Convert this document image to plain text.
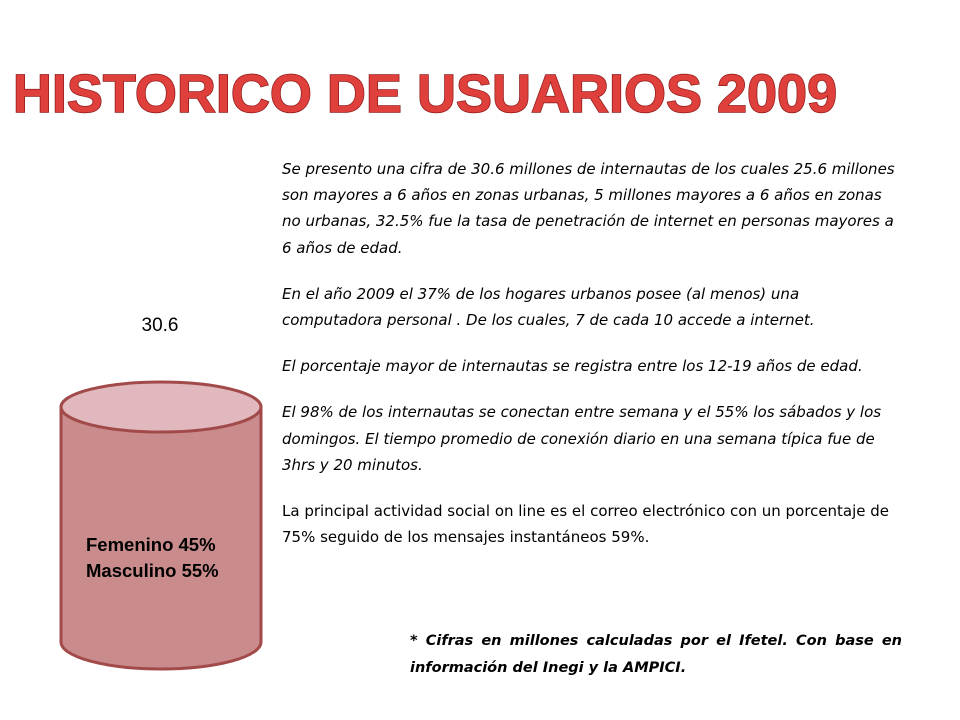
HISTORICO DE USUARIOS 2009
30.6
Femenino 45%
Masculino 55%

Se presento una cifra de 30.6 millones de internautas de los cuales 25.6 millones son mayores a 6 años en zonas urbanas, 5 millones mayores a 6 años en zonas no urbanas, 32.5% fue la tasa de penetración de internet en personas mayores a 6 años de edad.

En el año 2009 el 37% de los hogares urbanos posee (al menos) una computadora personal . De los cuales, 7 de cada 10 accede a internet.

El porcentaje mayor de internautas se registra entre los 12-19 años de edad.

El 98% de los internautas se conectan entre semana y el 55% los sábados y los domingos. El tiempo promedio de conexión diario en una semana típica fue de 3hrs y 20 minutos.

La principal actividad social on line es el correo electrónico con un porcentaje de 75% seguido de los mensajes instantáneos 59%.

* Cifras en millones calculadas por el Ifetel. Con base en información del Inegi y la AMPICI.
